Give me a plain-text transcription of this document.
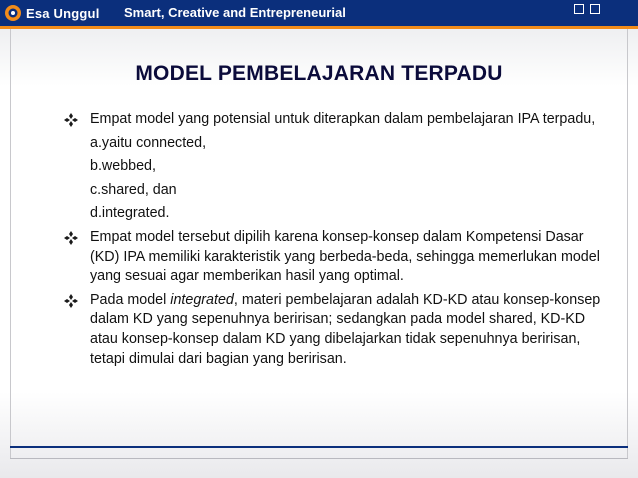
Esa Unggul Smart, Creative and Entrepreneurial
MODEL PEMBELAJARAN TERPADU
Empat model yang potensial untuk diterapkan dalam pembelajaran IPA terpadu,
a.yaitu connected,
b.webbed,
c.shared, dan
d.integrated.
Empat model tersebut dipilih karena konsep-konsep dalam Kompetensi Dasar (KD) IPA memiliki karakteristik yang berbeda-beda, sehingga memerlukan model yang sesuai agar memberikan hasil yang optimal.
Pada model integrated, materi pembelajaran adalah KD-KD atau konsep-konsep dalam KD yang sepenuhnya beririsan; sedangkan pada model shared, KD-KD atau konsep-konsep dalam KD yang dibelajarkan tidak sepenuhnya beririsan, tetapi dimulai dari bagian yang beririsan.
